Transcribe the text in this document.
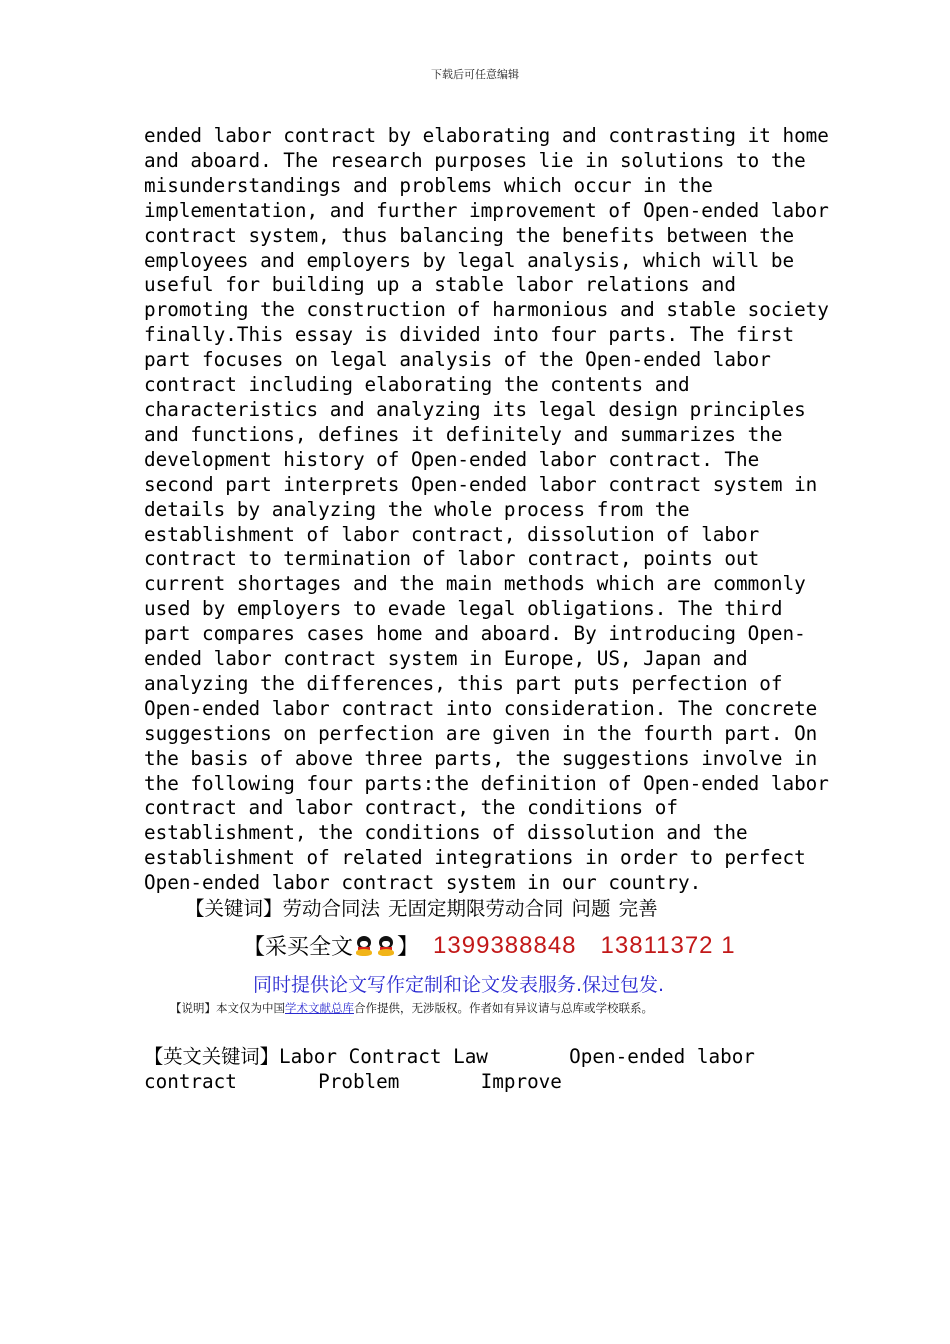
下载后可任意编辑
ended labor contract by elaborating and contrasting it home
and aboard. The research purposes lie in solutions to the
misunderstandings and problems which occur in the
implementation, and further improvement of Open-ended labor
contract system, thus balancing the benefits between the
employees and employers by legal analysis, which will be
useful for building up a stable labor relations and
promoting the construction of harmonious and stable society
finally.This essay is divided into four parts. The first
part focuses on legal analysis of the Open-ended labor
contract including elaborating the contents and
characteristics and analyzing its legal design principles
and functions, defines it definitely and summarizes the
development history of Open-ended labor contract. The
second part interprets Open-ended labor contract system in
details by analyzing the whole process from the
establishment of labor contract, dissolution of labor
contract to termination of labor contract, points out
current shortages and the main methods which are commonly
used by employers to evade legal obligations. The third
part compares cases home and aboard. By introducing Open-
ended labor contract system in Europe, US, Japan and
analyzing the differences, this part puts perfection of
Open-ended labor contract into consideration. The concrete
suggestions on perfection are given in the fourth part. On
the basis of above three parts, the suggestions involve in
the following four parts:the definition of Open-ended labor
contract and labor contract, the conditions of
establishment, the conditions of dissolution and the
establishment of related integrations in order to perfect
Open-ended labor contract system in our country.
【关键词】劳动合同法 无固定期限劳动合同 问题 完善
【 采买全文 】 1399388848 13811372 1
同时提供论文写作定制和论文发表服务.保过包发.
【说明】本文仅为中国学术文献总库合作提供，无涉版权。作者如有异议请与总库或学校联系。
【英文关键词】Labor Contract Law       Open-ended labor
contract       Problem       Improve
